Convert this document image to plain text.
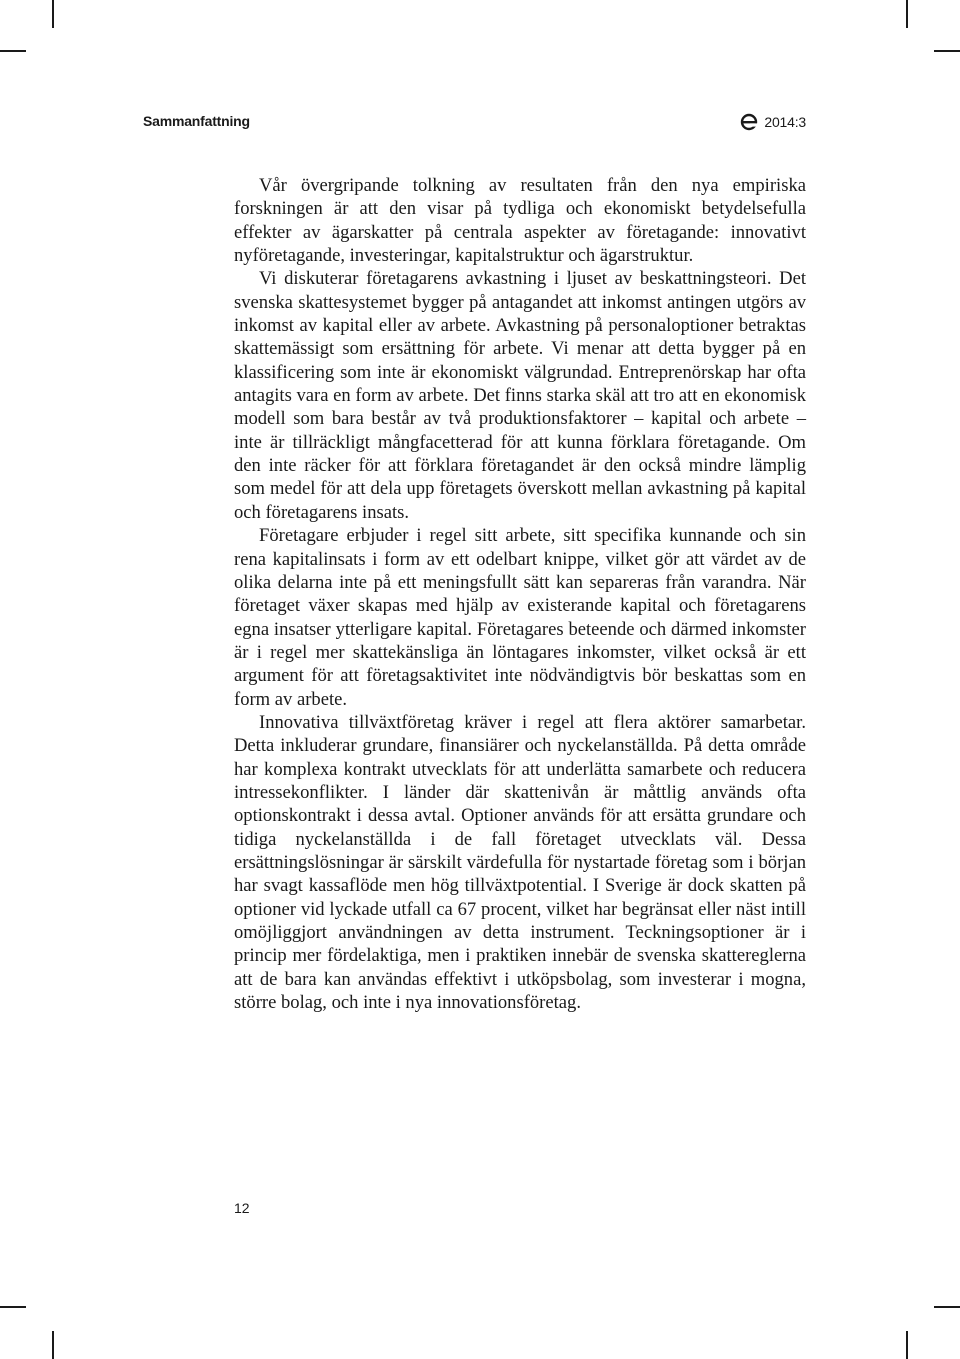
Sammanfattning	2014:3

Vår övergripande tolkning av resultaten från den nya empiriska forskningen är att den visar på tydliga och ekonomiskt betydelsefulla effekter av ägarskatter på centrala aspekter av företagande: innovativt nyföretagande, investeringar, kapitalstruktur och ägarstruktur.

Vi diskuterar företagarens avkastning i ljuset av beskattningsteori. Det svenska skattesystemet bygger på antagandet att inkomst antingen utgörs av inkomst av kapital eller av arbete. Avkastning på personaloptioner betraktas skattemässigt som ersättning för arbete. Vi menar att detta bygger på en klassificering som inte är ekonomiskt välgrundad. Entreprenörskap har ofta antagits vara en form av arbete. Det finns starka skäl att tro att en ekonomisk modell som bara består av två produktionsfaktorer – kapital och arbete – inte är tillräckligt mångfacetterad för att kunna förklara företagande. Om den inte räcker för att förklara företagandet är den också mindre lämplig som medel för att dela upp företagets överskott mellan avkastning på kapital och företagarens insats.

Företagare erbjuder i regel sitt arbete, sitt specifika kunnande och sin rena kapitalinsats i form av ett odelbart knippe, vilket gör att värdet av de olika delarna inte på ett meningsfullt sätt kan separeras från varandra. När företaget växer skapas med hjälp av existerande kapital och företagarens egna insatser ytterligare kapital. Företagares beteende och därmed inkomster är i regel mer skattekänsliga än löntagares inkomster, vilket också är ett argument för att företagsaktivitet inte nödvändigtvis bör beskattas som en form av arbete.

Innovativa tillväxtföretag kräver i regel att flera aktörer samarbetar. Detta inkluderar grundare, finansiärer och nyckelanställda. På detta område har komplexa kontrakt utvecklats för att underlätta samarbete och reducera intressekonflikter. I länder där skattenivån är måttlig används ofta optionskontrakt i dessa avtal. Optioner används för att ersätta grundare och tidiga nyckelanställda i de fall företaget utvecklats väl. Dessa ersättningslösningar är särskilt värdefulla för nystartade företag som i början har svagt kassaflöde men hög tillväxtpotential. I Sverige är dock skatten på optioner vid lyckade utfall ca 67 procent, vilket har begränsat eller näst intill omöjliggjort användningen av detta instrument. Teckningsoptioner är i princip mer fördelaktiga, men i praktiken innebär de svenska skattereglerna att de bara kan användas effektivt i utköpsbolag, som investerar i mogna, större bolag, och inte i nya innovationsföretag.

12
